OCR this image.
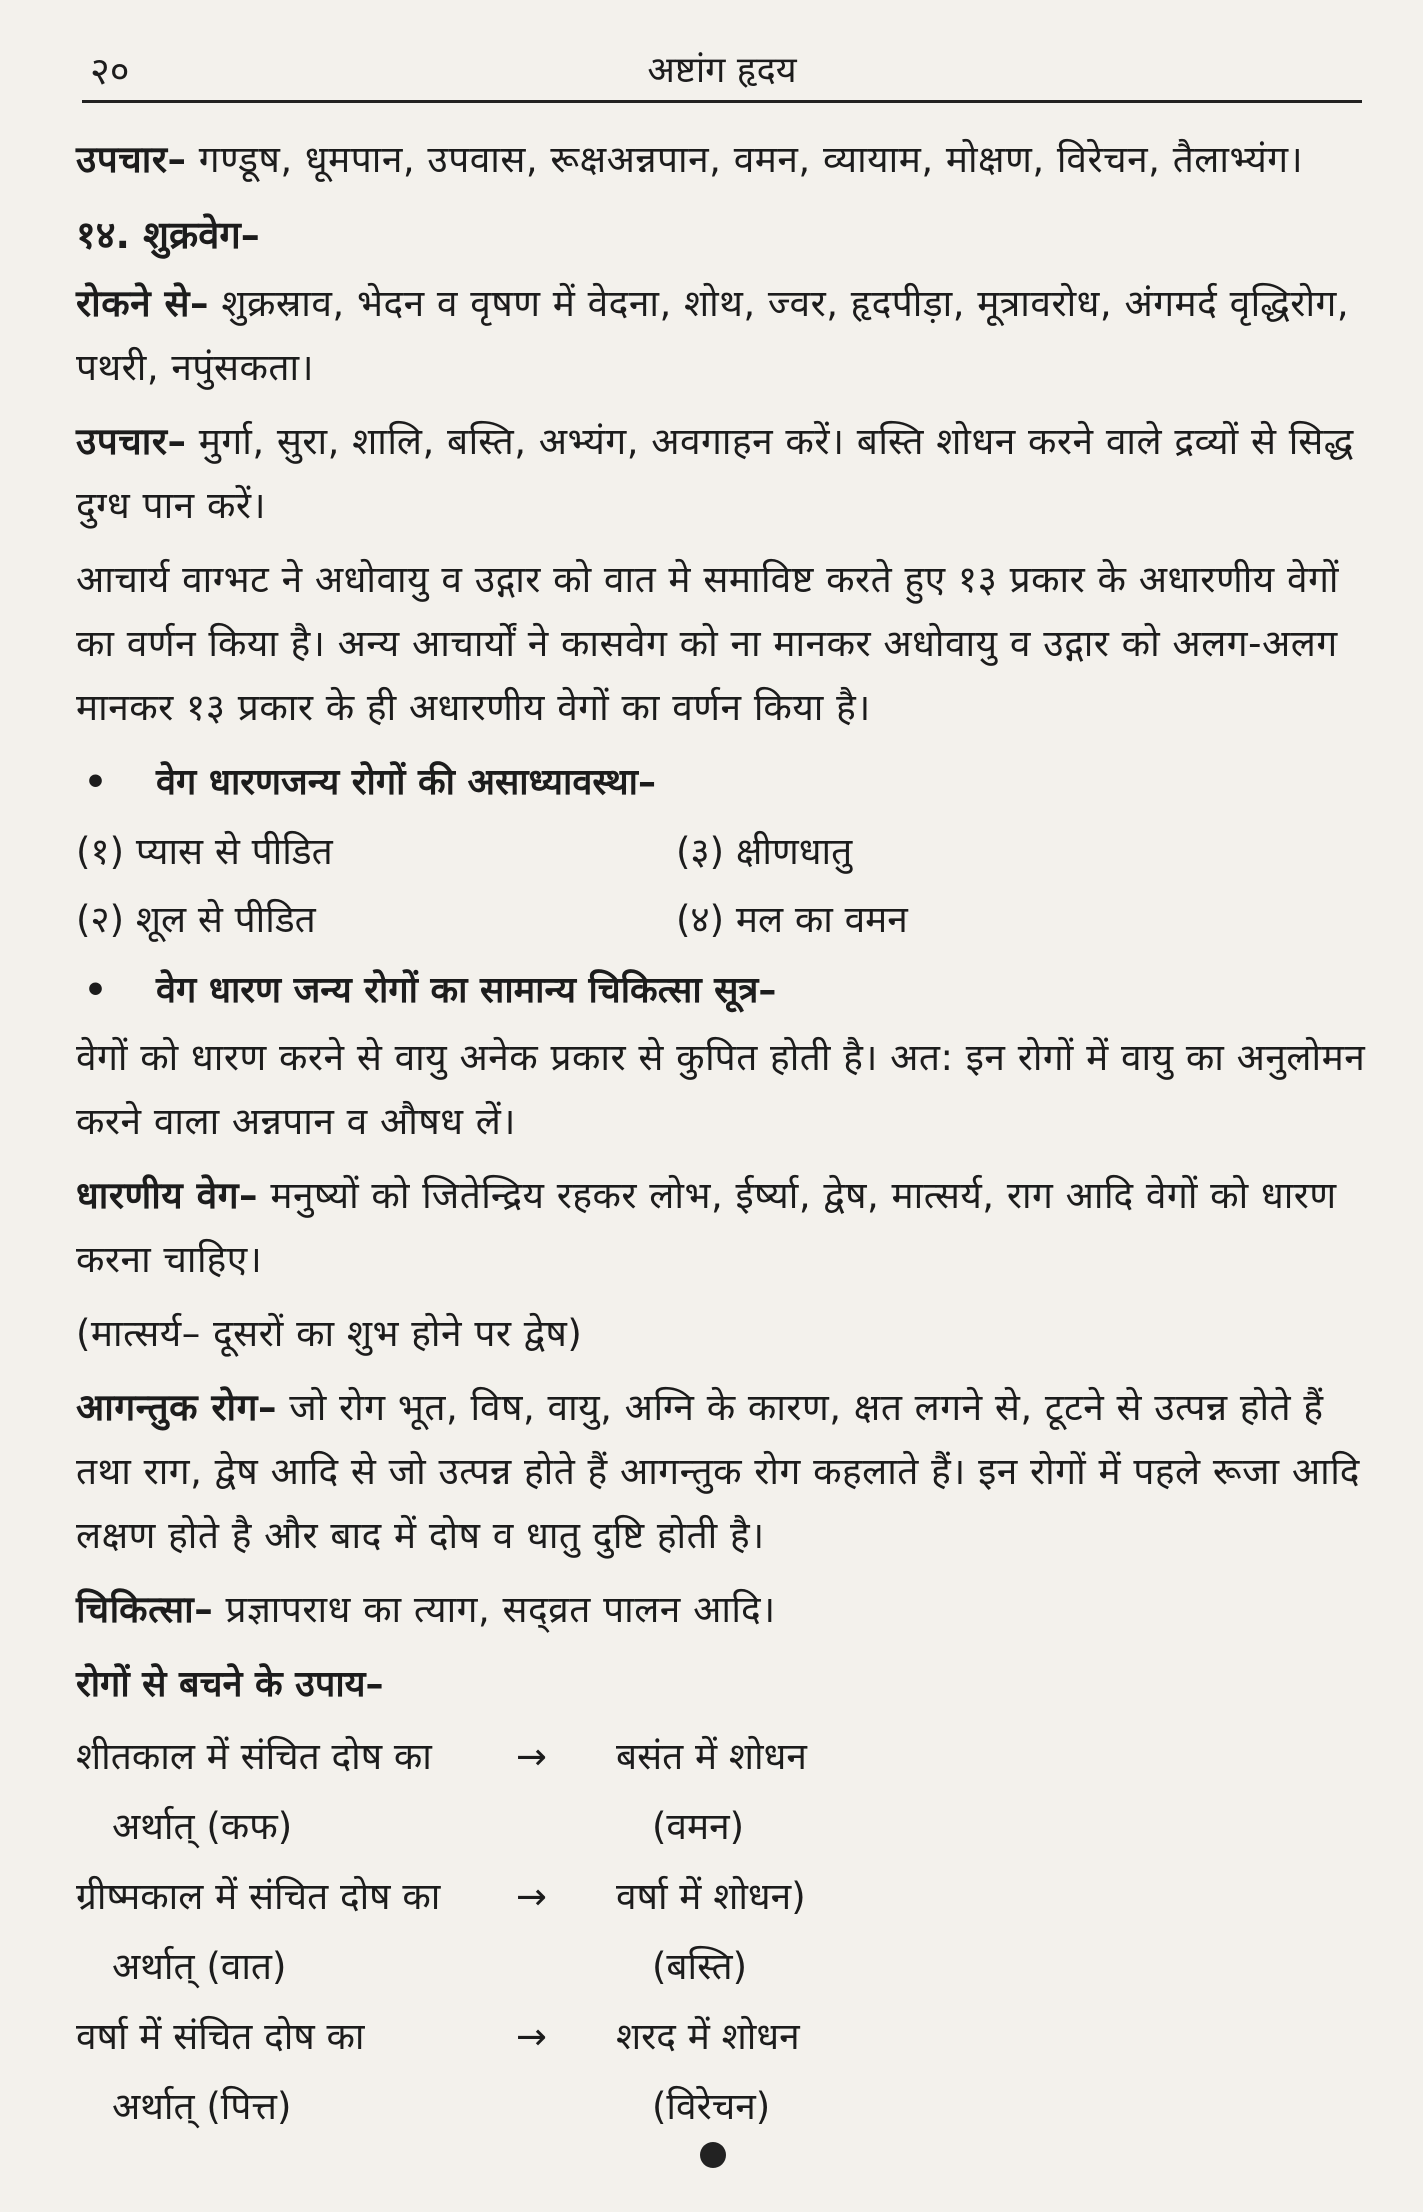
२०	अष्टांग हृदय

उपचार– गण्डूष, धूमपान, उपवास, रूक्षअन्नपान, वमन, व्यायाम, मोक्षण, विरेचन, तैलाभ्यंग।

१४. शुक्रवेग–

रोकने से– शुक्रस्राव, भेदन व वृषण में वेदना, शोथ, ज्वर, हृदपीड़ा, मूत्रावरोध, अंगमर्द वृद्धिरोग, पथरी, नपुंसकता।

उपचार– मुर्गा, सुरा, शालि, बस्ति, अभ्यंग, अवगाहन करें। बस्ति शोधन करने वाले द्रव्यों से सिद्ध दुग्ध पान करें।

आचार्य वाग्भट ने अधोवायु व उद्गार को वात मे समाविष्ट करते हुए १३ प्रकार के अधारणीय वेगों का वर्णन किया है। अन्य आचार्यों ने कासवेग को ना मानकर अधोवायु व उद्गार को अलग-अलग मानकर १३ प्रकार के ही अधारणीय वेगों का वर्णन किया है।

• वेग धारणजन्य रोगों की असाध्यावस्था–
(१) प्यास से पीडित	(३) क्षीणधातु
(२) शूल से पीडित	(४) मल का वमन
• वेग धारण जन्य रोगों का सामान्य चिकित्सा सूत्र–

वेगों को धारण करने से वायु अनेक प्रकार से कुपित होती है। अत: इन रोगों में वायु का अनुलोमन करने वाला अन्नपान व औषध लें।

धारणीय वेग– मनुष्यों को जितेन्द्रिय रहकर लोभ, ईर्ष्या, द्वेष, मात्सर्य, राग आदि वेगों को धारण करना चाहिए।

(मात्सर्य– दूसरों का शुभ होने पर द्वेष)

आगन्तुक रोग– जो रोग भूत, विष, वायु, अग्नि के कारण, क्षत लगने से, टूटने से उत्पन्न होते हैं तथा राग, द्वेष आदि से जो उत्पन्न होते हैं आगन्तुक रोग कहलाते हैं। इन रोगों में पहले रूजा आदि लक्षण होते है और बाद में दोष व धातु दुष्टि होती है।

चिकित्सा– प्रज्ञापराध का त्याग, सद्व्रत पालन आदि।

रोगों से बचने के उपाय–
शीतकाल में संचित दोष का	→	बसंत में शोधन
अर्थात् (कफ)	(वमन)
ग्रीष्मकाल में संचित दोष का	→	वर्षा में शोधन)
अर्थात् (वात)	(बस्ति)
वर्षा में संचित दोष का	→	शरद में शोधन
अर्थात् (पित्त)	(विरेचन)
